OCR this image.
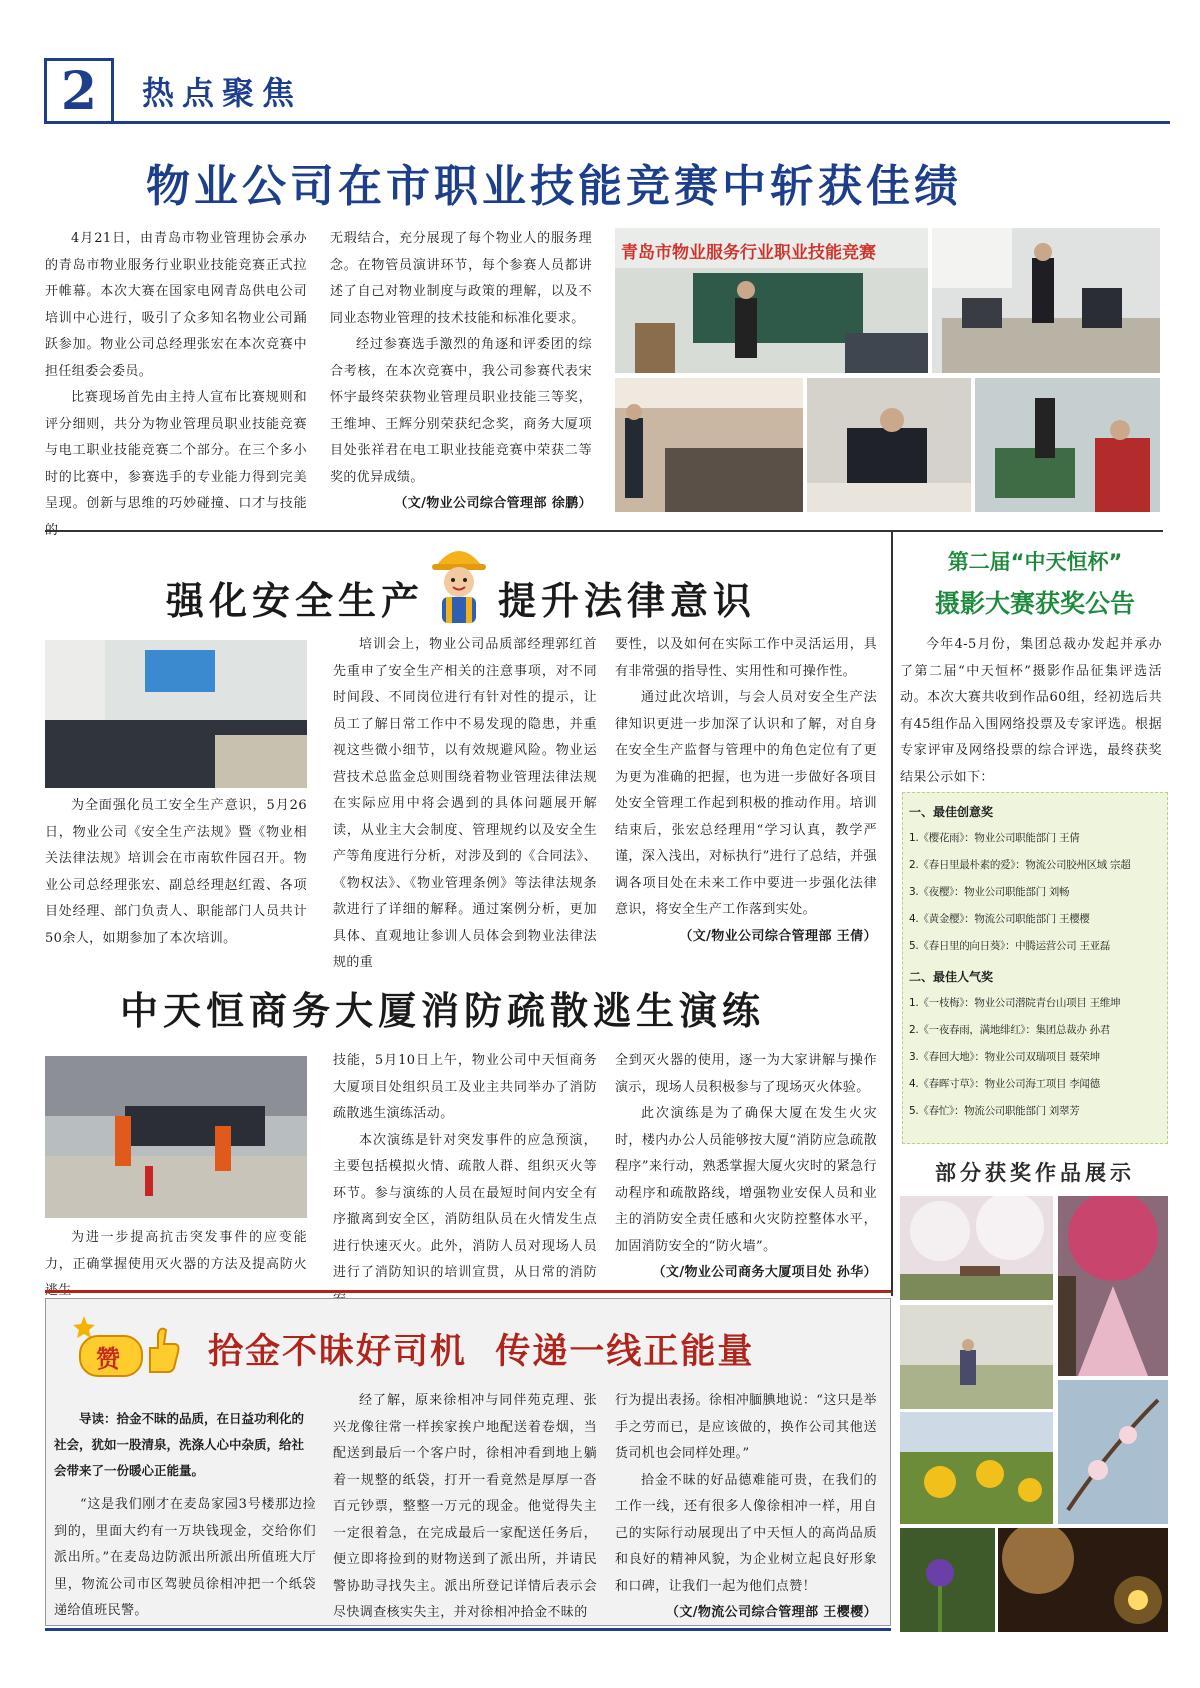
2 热点聚焦
物业公司在市职业技能竞赛中斩获佳绩

4月21日，由青岛市物业管理协会承办的青岛市物业服务行业职业技能竞赛正式拉开帷幕。本次大赛在国家电网青岛供电公司培训中心进行，吸引了众多知名物业公司踊跃参加。物业公司总经理张宏在本次竞赛中担任组委会委员。

比赛现场首先由主持人宣布比赛规则和评分细则，共分为物业管理员职业技能竞赛与电工职业技能竞赛二个部分。在三个多小时的比赛中，参赛选手的专业能力得到完美呈现。创新与思维的巧妙碰撞、口才与技能

无瑕结合，充分展现了每个物业人的服务理念。在物管员演讲环节，每个参赛人员都讲述了自己对物业制度与政策的理解，以及不同业态物业管理的技术技能和标准化要求。

经过参赛选手激烈的角逐和评委团的综合考核，在本次竞赛中，我公司参赛代表宋怀宇最终荣获物业管理员职业技能三等奖，王维坤、王辉分别荣获纪念奖，商务大厦项目处张祥君在电工职业技能竞赛中荣获二等奖的优异成绩。

（文/物业公司综合管理部 徐鹏）
青岛市物业服务行业职业技能竞赛
强化安全生产 提升法律意识

为全面强化员工安全生产意识，5月26日，物业公司《安全生产法规》暨《物业相关法律法规》培训会在市南软件园召开。物业公司总经理张宏、副总经理赵红霞、各项目处经理、部门负责人、职能部门人员共计50余人，如期参加了本次培训。

培训会上，物业公司品质部经理郭红首先重申了安全生产相关的注意事项，对不同时间段、不同岗位进行有针对性的提示，让员工了解日常工作中不易发现的隐患，并重视这些微小细节，以有效规避风险。物业运营技术总监金总则围绕着物业管理法律法规在实际应用中将会遇到的具体问题展开解读，从业主大会制度、管理规约以及安全生产等角度进行分析，对涉及到的《合同法》、《物权法》、《物业管理条例》等法律法规条款进行了详细的解释。通过案例分析，更加具体、直观地让参训人员体会到物业法律法规的重

要性，以及如何在实际工作中灵活运用，具有非常强的指导性、实用性和可操作性。

通过此次培训，与会人员对安全生产法律知识更进一步加深了认识和了解，对自身在安全生产监督与管理中的角色定位有了更为更为准确的把握，也为进一步做好各项目处安全管理工作起到积极的推动作用。培训结束后，张宏总经理用“学习认真，教学严谨，深入浅出，对标执行”进行了总结，并强调各项目处在未来工作中要进一步强化法律意识，将安全生产工作落到实处。

（文/物业公司综合管理部 王倩）
中天恒商务大厦消防疏散逃生演练

为进一步提高抗击突发事件的应变能力，正确掌握使用灭火器的方法及提高防火

技能，5月10日上午，物业公司中天恒商务大厦项目处组织员工及业主共同举办了消防疏散逃生演练活动。

本次演练是针对突发事件的应急预演，主要包括模拟火情、疏散人群、组织灭火等环节。参与演练的人员在最短时间内安全有序撤离到安全区，消防组队员在火情发生点进行快速灭火。此外，消防人员对现场人员进行了消防知识的培训宣贯，从日常的消防

全到灭火器的使用，逐一为大家讲解与操作演示，现场人员积极参与了现场灭火体验。

此次演练是为了确保大厦在发生火灾时，楼内办公人员能够按大厦“消防应急疏散程序”来行动，熟悉掌握大厦火灾时的紧急行动程序和疏散路线，增强物业安保人员和业主的消防安全责任感和火灾防控整体水平，加固消防安全的“防火墙”。

（文/物业公司商务大厦项目处 孙华）
赞	拾金不昧好司机  传递一线正能量
导读：拾金不昧的品质，在日益功利化的社会，犹如一股清泉，洗涤人心中杂质，给社会带来了一份暖心正能量。

“这是我们刚才在麦岛家园3号楼那边捡到的，里面大约有一万块钱现金，交给你们派出所。”在麦岛边防派出所派出所值班大厅里，物流公司市区驾驶员徐相冲把一个纸袋递给值班民警。

经了解，原来徐相冲与同伴苑克理、张兴龙像往常一样挨家挨户地配送着卷烟，当配送到最后一个客户时，徐相冲看到地上躺着一规整的纸袋，打开一看竟然是厚厚一沓百元钞票，整整一万元的现金。他觉得失主一定很着急，在完成最后一家配送任务后，便立即将捡到的财物送到了派出所，并请民警协助寻找失主。派出所登记详情后表示会尽快调查核实失主，并对徐相冲拾金不昧的

行为提出表扬。徐相冲腼腆地说：“这只是举手之劳而已，是应该做的，换作公司其他送货司机也会同样处理。”

拾金不昧的好品德难能可贵，在我们的工作一线，还有很多人像徐相冲一样，用自己的实际行动展现出了中天恒人的高尚品质和良好的精神风貌，为企业树立起良好形象和口碑，让我们一起为他们点赞！

（文/物流公司综合管理部 王樱樱）
第二届“中天恒杯”
摄影大赛获奖公告

今年4-5月份，集团总裁办发起并承办了第二届“中天恒杯”摄影作品征集评选活动。本次大赛共收到作品60组，经初选后共有45组作品入围网络投票及专家评选。根据专家评审及网络投票的综合评选，最终获奖结果公示如下：

一、最佳创意奖
1.《樱花雨》：物业公司职能部门 王倩
2.《春日里最朴素的爱》：物流公司胶州区域 宗超
3.《夜樱》：物业公司职能部门 刘畅
4.《黄金樱》：物流公司职能部门 王樱樱
5.《春日里的向日葵》：中腾运营公司 王亚磊
二、最佳人气奖
1.《一枝梅》：物业公司潜院青台山项目 王维坤
2.《一夜春雨，满地绯红》：集团总裁办 孙君
3.《春回大地》：物业公司双瑞项目 聂荣坤
4.《春晖寸草》：物业公司海工项目 李闻德
5.《春忙》：物流公司职能部门 刘翠芳
部分获奖作品展示
